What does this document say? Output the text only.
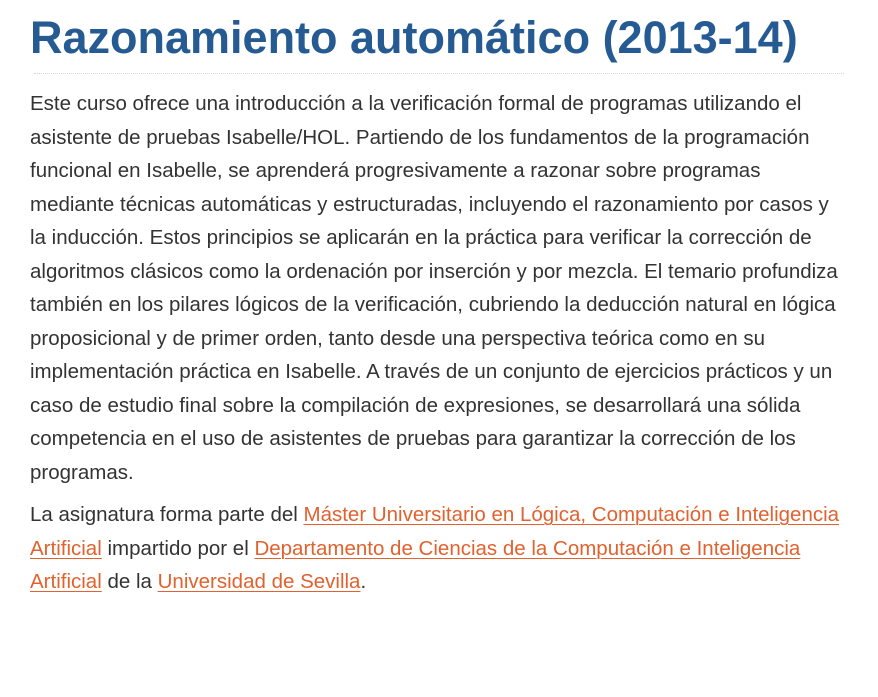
Razonamiento automático (2013-14)

Este curso ofrece una introducción a la verificación formal de programas utilizando el asistente de pruebas Isabelle/HOL. Partiendo de los fundamentos de la programación funcional en Isabelle, se aprenderá progresivamente a razonar sobre programas mediante técnicas automáticas y estructuradas, incluyendo el razonamiento por casos y la inducción. Estos principios se aplicarán en la práctica para verificar la corrección de algoritmos clásicos como la ordenación por inserción y por mezcla. El temario profundiza también en los pilares lógicos de la verificación, cubriendo la deducción natural en lógica proposicional y de primer orden, tanto desde una perspectiva teórica como en su implementación práctica en Isabelle. A través de un conjunto de ejercicios prácticos y un caso de estudio final sobre la compilación de expresiones, se desarrollará una sólida competencia en el uso de asistentes de pruebas para garantizar la corrección de los programas.

La asignatura forma parte del Máster Universitario en Lógica, Computación e Inteligencia Artificial impartido por el Departamento de Ciencias de la Computación e Inteligencia Artificial de la Universidad de Sevilla.
